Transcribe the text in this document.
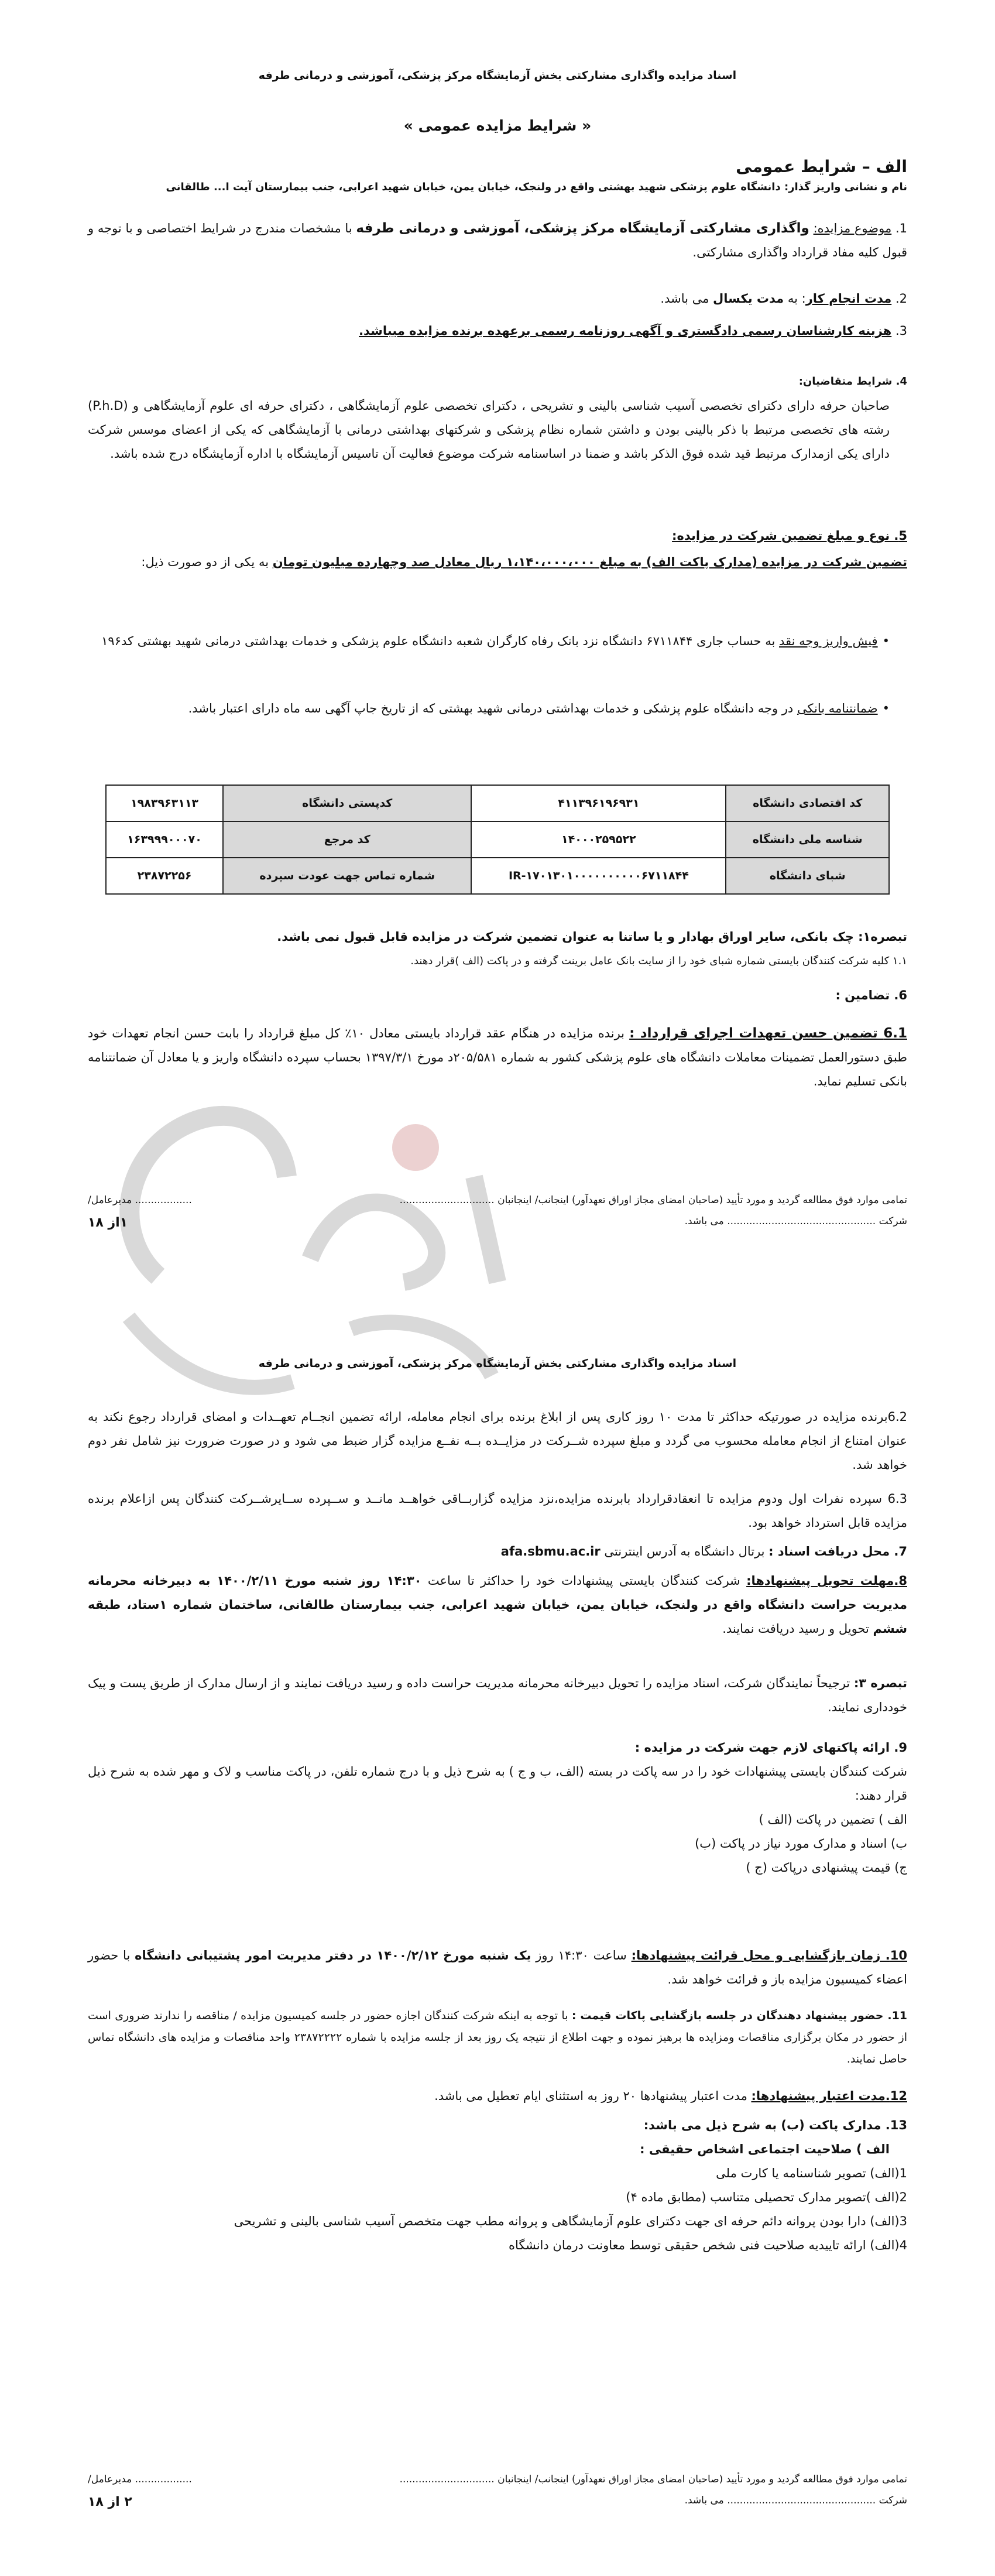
اسناد مزایده واگذاری مشارکتی بخش آزمایشگاه مرکز پزشکی، آموزشی و درمانی طرفه
« شرایط مزایده عمومی »
الف – شرایط عمومی
نام و نشانی واریز گذار: دانشگاه علوم پزشکی شهید بهشتی واقع در ولنجک، خیابان یمن، خیابان شهید اعرابی، جنب بیمارستان آیت ا... طالقانی
1. موضوع مزایده: واگذاری مشارکتی آزمایشگاه مرکز پزشکی، آموزشی و درمانی طرفه با مشخصات مندرج در شرایط اختصاصی و با توجه و قبول کلیه مفاد قرارداد واگذاری مشارکتی.
2. مدت انجام کار: به مدت یکسال می باشد.
3. هزینه کارشناسان رسمی دادگستری و آگهی روزنامه رسمی برعهده برنده مزایده میباشد.
4. شرایط متقاضیان:
صاحبان حرفه دارای دکترای تخصصی آسیب شناسی بالینی و تشریحی ، دکترای تخصصی علوم آزمایشگاهی ، دکترای حرفه ای علوم آزمایشگاهی و (P.h.D) رشته های تخصصی مرتبط با ذکر بالینی بودن و داشتن شماره نظام پزشکی و شرکتهای بهداشتی درمانی با آزمایشگاهی که یکی از اعضای موسس شرکت دارای یکی ازمدارک مرتبط قید شده فوق الذکر باشد و ضمنا در اساسنامه شرکت موضوع فعالیت آن تاسیس آزمایشگاه با اداره آزمایشگاه درج شده باشد.
5. نوع و مبلغ تضمین شرکت در مزایده:
تضمین شرکت در مزایده (مدارک پاکت الف) به مبلغ ۱،۱۴۰،۰۰۰،۰۰۰ ریال معادل صد وچهارده میلیون تومان به یکی از دو صورت ذیل:
• فیش واریز وجه نقد به حساب جاری ۶۷۱۱۸۴۴ دانشگاه نزد بانک رفاه کارگران شعبه دانشگاه علوم پزشکی و خدمات بهداشتی درمانی شهید بهشتی کد۱۹۶
• ضمانتنامه بانکی در وجه دانشگاه علوم پزشکی و خدمات بهداشتی درمانی شهید بهشتی که از تاریخ جاپ آگهی سه ماه دارای اعتبار باشد.
کد اقتصادی دانشگاه	۴۱۱۳۹۶۱۹۶۹۳۱	کدپستی دانشگاه	۱۹۸۳۹۶۳۱۱۳
شناسه ملی دانشگاه	۱۴۰۰۰۲۵۹۵۲۲	کد مرجع	۱۶۳۹۹۹۰۰۰۷۰
شبای دانشگاه	IR-۱۷۰۱۳۰۱۰۰۰۰۰۰۰۰۰۰۶۷۱۱۸۴۴	شماره تماس جهت عودت سپرده	۲۳۸۷۲۲۵۶
تبصره۱: چک بانکی، سایر اوراق بهادار و یا ساتنا به عنوان تضمین شرکت در مزایده قابل قبول نمی باشد.
۱.۱ کلیه شرکت کنندگان بایستی شماره شبای خود را از سایت بانک عامل برینت گرفته و در پاکت (الف )قرار دهند.
6. تضامین :
6.1 تضمین حسن تعهدات اجرای قرارداد : برنده مزایده در هنگام عقد قرارداد بایستی معادل ۱۰٪ کل مبلغ قرارداد را بابت حسن انجام تعهدات خود طبق دستورالعمل تضمینات معاملات دانشگاه های علوم پزشکی کشور به شماره ۲۰۵/۵۸۱د مورخ ۱۳۹۷/۳/۱ بحساب سپرده دانشگاه واریز و یا معادل آن ضمانتنامه بانکی تسلیم نماید.
تمامی موارد فوق مطالعه گردید و مورد تأیید (صاحبان امضای مجاز اوراق تعهدآور) اینجانب/ اینجانبان ..............................
.................. مدیرعامل/
شرکت ............................................... می باشد.
۱از ۱۸
اسناد مزایده واگذاری مشارکتی بخش آزمایشگاه مرکز پزشکی، آموزشی و درمانی طرفه
6.2برنده مزایده در صورتیکه حداکثر تا مدت ۱۰ روز کاری پس از ابلاغ برنده برای انجام معامله، ارائه تضمین انجــام تعهــدات و امضای قرارداد رجوع نکند به عنوان امتناع از انجام معامله محسوب می گردد و مبلغ سپرده شــرکت در مزایــده بــه نفــع مزایده گزار ضبط می شود و در صورت ضرورت نیز شامل نفر دوم خواهد شد.
6.3 سپرده نفرات اول ودوم مزایده تا انعقادقرارداد بابرنده مزایده،نزد مزایده گزاربــاقی خواهــد مانــد و ســپرده ســایرشــرکت کنندگان پس ازاعلام برنده مزایده قابل استرداد خواهد بود.
7. محل دریافت اسناد : برتال دانشگاه به آدرس اینترنتی afa.sbmu.ac.ir
8.مهلت تحویل پیشنهادها: شرکت کنندگان بایستی پیشنهادات خود را حداکثر تا ساعت ۱۴:۳۰ روز شنبه مورخ ۱۴۰۰/۲/۱۱ به دبیرخانه محرمانه مدیریت حراست دانشگاه واقع در ولنجک، خیابان یمن، خیابان شهید اعرابی، جنب بیمارستان طالقانی، ساختمان شماره ۱ستاد، طبقه ششم تحویل و رسید دریافت نمایند.
تبصره ۳: ترجیحاً نمایندگان شرکت، اسناد مزایده را تحویل دبیرخانه محرمانه مدیریت حراست داده و رسید دریافت نمایند و از ارسال مدارک از طریق پست و پیک خودداری نمایند.
9. ارائه پاکتهای لازم جهت شرکت در مزایده :
شرکت کنندگان بایستی پیشنهادات خود را در سه پاکت در بسته (الف، ب و ج ) به شرح ذیل و با درج شماره تلفن، در پاکت مناسب و لاک و مهر شده به شرح ذیل قرار دهند:
الف ) تضمین در پاکت (الف )
ب) اسناد و مدارک مورد نیاز در پاکت (ب)
ج) قیمت پیشنهادی درپاکت (ج )
10. زمان بازگشایی و محل قرائت پیشنهادها: ساعت ۱۴:۳۰ روز یک شنبه مورخ ۱۴۰۰/۲/۱۲ در دفتر مدیریت امور پشتیبانی دانشگاه با حضور اعضاء کمیسیون مزایده باز و قرائت خواهد شد.
11. حضور پیشنهاد دهندگان در جلسه بازگشایی پاکات قیمت : با توجه به اینکه شرکت کنندگان اجازه حضور در جلسه کمیسیون مزایده / مناقصه را ندارند ضروری است از حضور در مکان برگزاری مناقصات ومزایده ها برهیز نموده و جهت اطلاع از نتیجه یک روز بعد از جلسه مزایده با شماره ۲۳۸۷۲۲۲۲ واحد مناقصات و مزایده های دانشگاه تماس حاصل نمایند.
12.مدت اعتبار پیشنهادها: مدت اعتبار پیشنهادها ۲۰ روز به استثنای ایام تعطیل می باشد.
13. مدارک پاکت (ب) به شرح ذیل می باشد:
الف ) صلاحیت اجتماعی اشخاص حقیقی :
1(الف) تصویر شناسنامه یا کارت ملی
2(الف )تصویر مدارک تحصیلی متناسب (مطابق ماده ۴)
3(الف) دارا بودن پروانه دائم حرفه ای جهت دکترای علوم آزمایشگاهی و پروانه مطب جهت متخصص آسیب شناسی بالینی و تشریحی
4(الف) ارائه تاییدیه صلاحیت فنی شخص حقیقی توسط معاونت درمان دانشگاه
تمامی موارد فوق مطالعه گردید و مورد تأیید (صاحبان امضای مجاز اوراق تعهدآور) اینجانب/ اینجانبان ..............................
.................. مدیرعامل/
شرکت ............................................... می باشد.
۲ از ۱۸
